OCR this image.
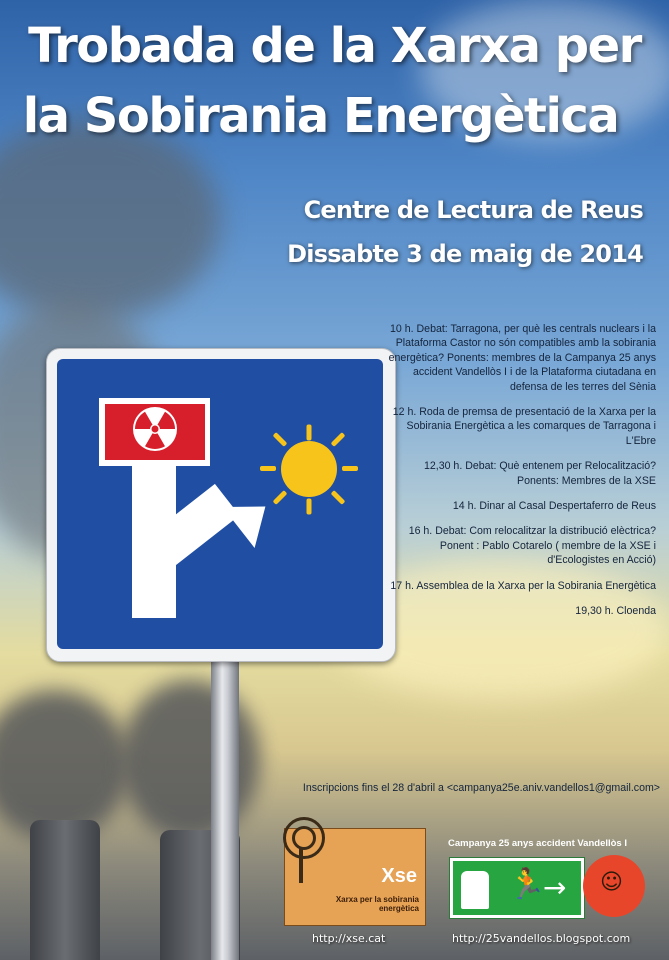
Trobada de la Xarxa per
la Sobirania Energètica
Centre de Lectura de Reus
Dissabte 3 de maig de 2014
10 h. Debat: Tarragona, per què les centrals nuclears i la Plataforma Castor no són compatibles amb la sobirania energètica? Ponents: membres de la Campanya 25 anys accident Vandellòs I i de la Plataforma ciutadana en defensa de les terres del Sènia
12 h. Roda de premsa de presentació de la Xarxa per la Sobirania Energètica a les comarques de Tarragona i L'Ebre
12,30 h. Debat: Què entenem per Relocalització? Ponents: Membres de la XSE
14 h. Dinar al Casal Despertaferro de Reus
16 h. Debat: Com relocalitzar la distribució elèctrica? Ponent : Pablo Cotarelo ( membre de la XSE i d'Ecologistes en Acció)
17 h. Assemblea de la Xarxa per la Sobirania Energètica
19,30 h. Cloenda
Inscripcions fins el 28 d'abril a <campanya25e.aniv.vandellos1@gmail.com>
Xse
Xarxa per la sobirania energètica
http://xse.cat
Campanya 25 anys accident Vandellòs I
🏃
→ ☺
http://25vandellos.blogspot.com
